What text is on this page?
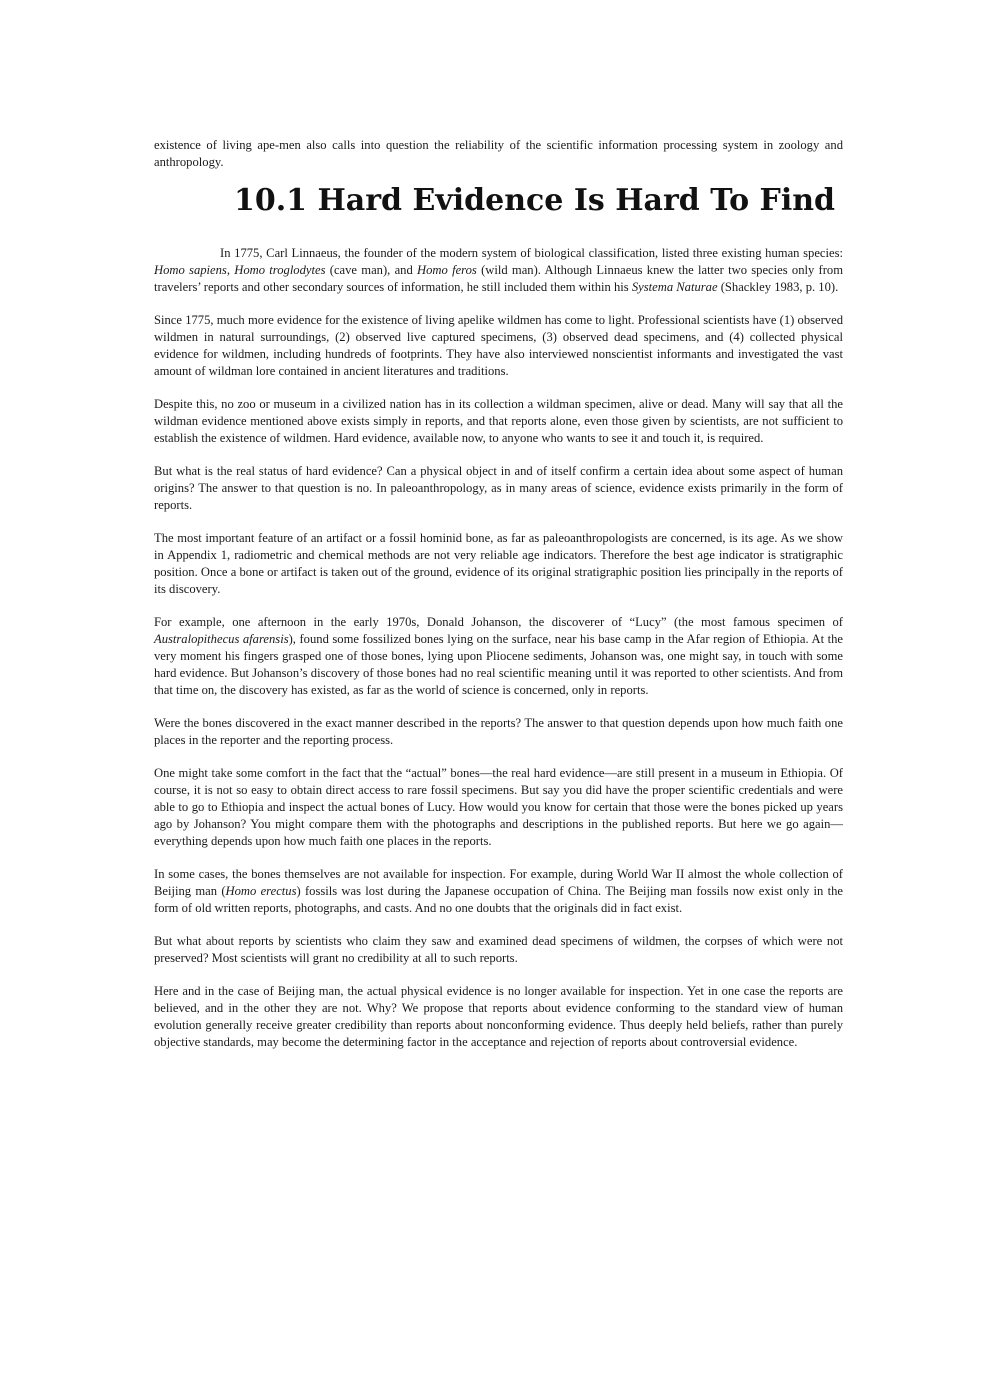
existence of living ape-men also calls into question the reliability of the scientific information processing system in zoology and anthropology.

10.1 Hard Evidence Is Hard To Find

In 1775, Carl Linnaeus, the founder of the modern system of biological classification, listed three existing human species: Homo sapiens, Homo troglodytes (cave man), and Homo feros (wild man). Although Linnaeus knew the latter two species only from travelers’ reports and other secondary sources of information, he still included them within his Systema Naturae (Shackley 1983, p. 10).

Since 1775, much more evidence for the existence of living apelike wildmen has come to light. Professional scientists have (1) observed wildmen in natural surroundings, (2) observed live captured specimens, (3) observed dead specimens, and (4) collected physical evidence for wildmen, including hundreds of footprints. They have also interviewed nonscientist informants and investigated the vast amount of wildman lore contained in ancient literatures and traditions.

Despite this, no zoo or museum in a civilized nation has in its collection a wildman specimen, alive or dead. Many will say that all the wildman evidence mentioned above exists simply in reports, and that reports alone, even those given by scientists, are not sufficient to establish the existence of wildmen. Hard evidence, available now, to anyone who wants to see it and touch it, is required.

But what is the real status of hard evidence? Can a physical object in and of itself confirm a certain idea about some aspect of human origins? The answer to that question is no. In paleoanthropology, as in many areas of science, evidence exists primarily in the form of reports.

The most important feature of an artifact or a fossil hominid bone, as far as paleoanthropologists are concerned, is its age. As we show in Appendix 1, radiometric and chemical methods are not very reliable age indicators. Therefore the best age indicator is stratigraphic position. Once a bone or artifact is taken out of the ground, evidence of its original stratigraphic position lies principally in the reports of its discovery.

For example, one afternoon in the early 1970s, Donald Johanson, the discoverer of “Lucy” (the most famous specimen of Australopithecus afarensis), found some fossilized bones lying on the surface, near his base camp in the Afar region of Ethiopia. At the very moment his fingers grasped one of those bones, lying upon Pliocene sediments, Johanson was, one might say, in touch with some hard evidence. But Johanson’s discovery of those bones had no real scientific meaning until it was reported to other scientists. And from that time on, the discovery has existed, as far as the world of science is concerned, only in reports.

Were the bones discovered in the exact manner described in the reports? The answer to that question depends upon how much faith one places in the reporter and the reporting process.

One might take some comfort in the fact that the “actual” bones—the real hard evidence—are still present in a museum in Ethiopia. Of course, it is not so easy to obtain direct access to rare fossil specimens. But say you did have the proper scientific credentials and were able to go to Ethiopia and inspect the actual bones of Lucy. How would you know for certain that those were the bones picked up years ago by Johanson? You might compare them with the photographs and descriptions in the published reports. But here we go again—everything depends upon how much faith one places in the reports.

In some cases, the bones themselves are not available for inspection. For example, during World War II almost the whole collection of Beijing man (Homo erectus) fossils was lost during the Japanese occupation of China. The Beijing man fossils now exist only in the form of old written reports, photographs, and casts. And no one doubts that the originals did in fact exist.

But what about reports by scientists who claim they saw and examined dead specimens of wildmen, the corpses of which were not preserved? Most scientists will grant no credibility at all to such reports.

Here and in the case of Beijing man, the actual physical evidence is no longer available for inspection. Yet in one case the reports are believed, and in the other they are not. Why? We propose that reports about evidence conforming to the standard view of human evolution generally receive greater credibility than reports about nonconforming evidence. Thus deeply held beliefs, rather than purely objective standards, may become the determining factor in the acceptance and rejection of reports about controversial evidence.
